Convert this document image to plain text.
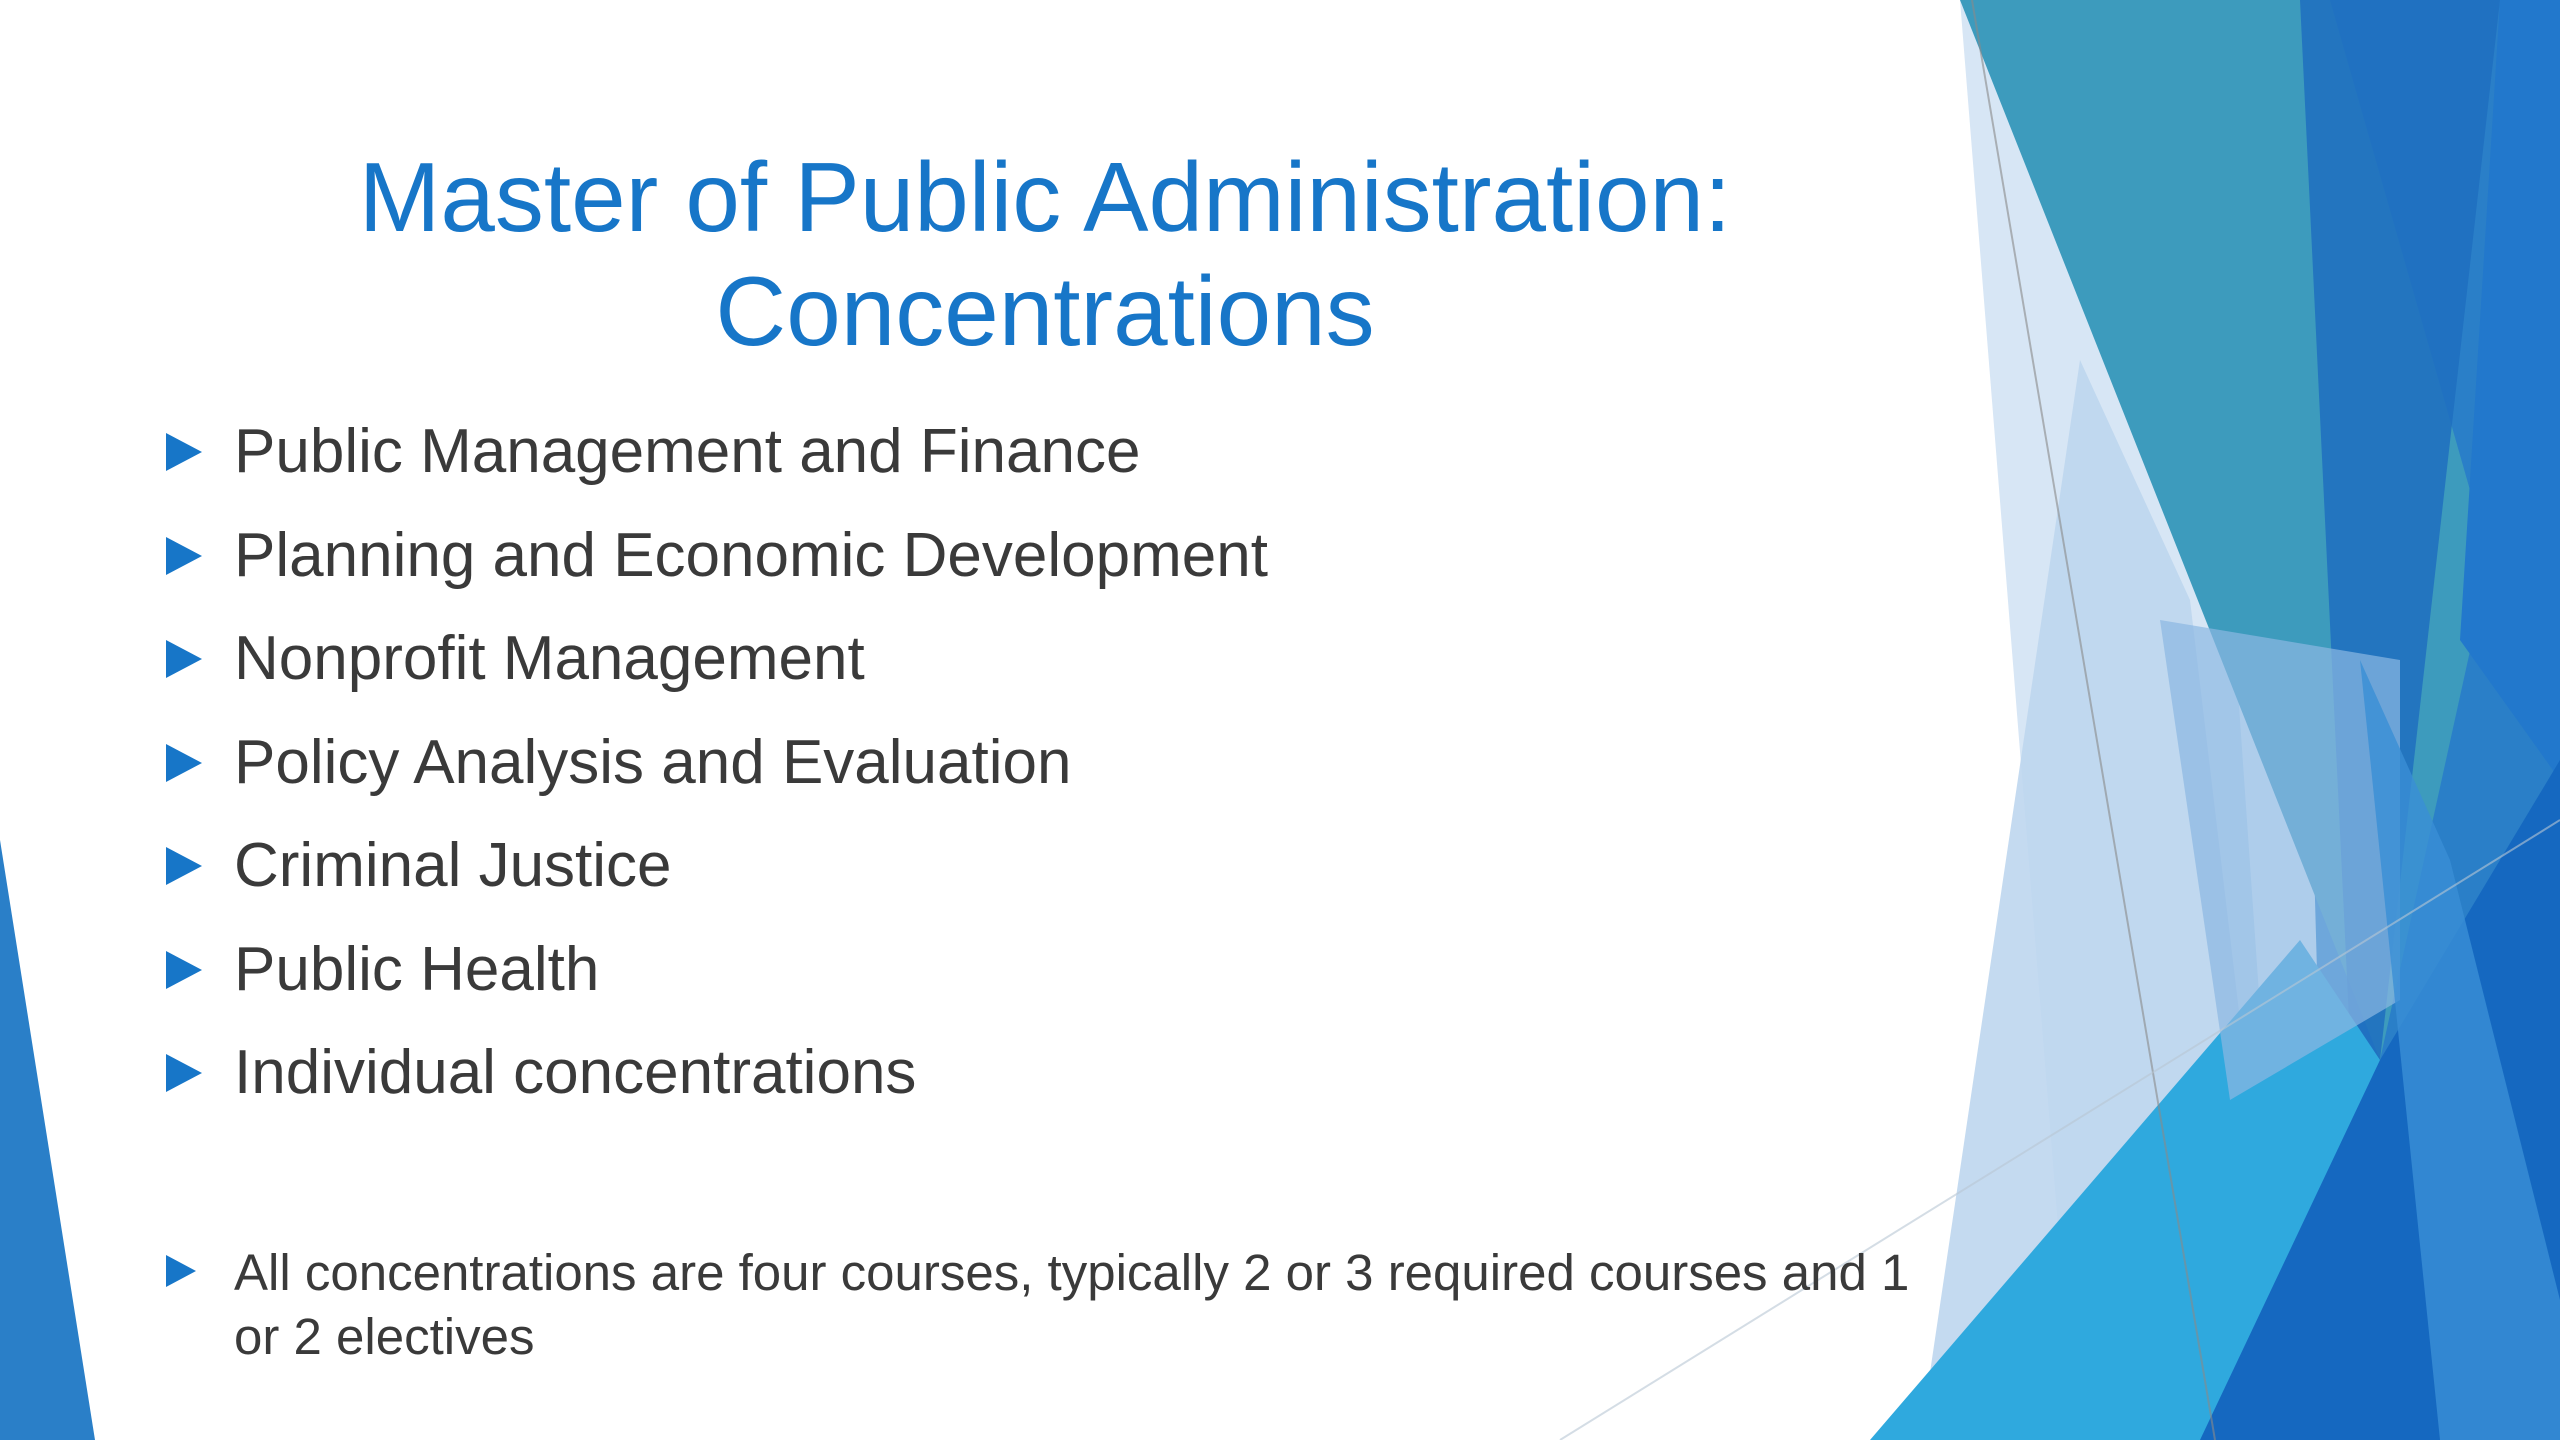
Master of Public Administration:
Concentrations
Public Management and Finance
Planning and Economic Development
Nonprofit Management
Policy Analysis and Evaluation
Criminal Justice
Public Health
Individual concentrations
All concentrations are four courses, typically 2 or 3 required courses and 1 or 2 electives
